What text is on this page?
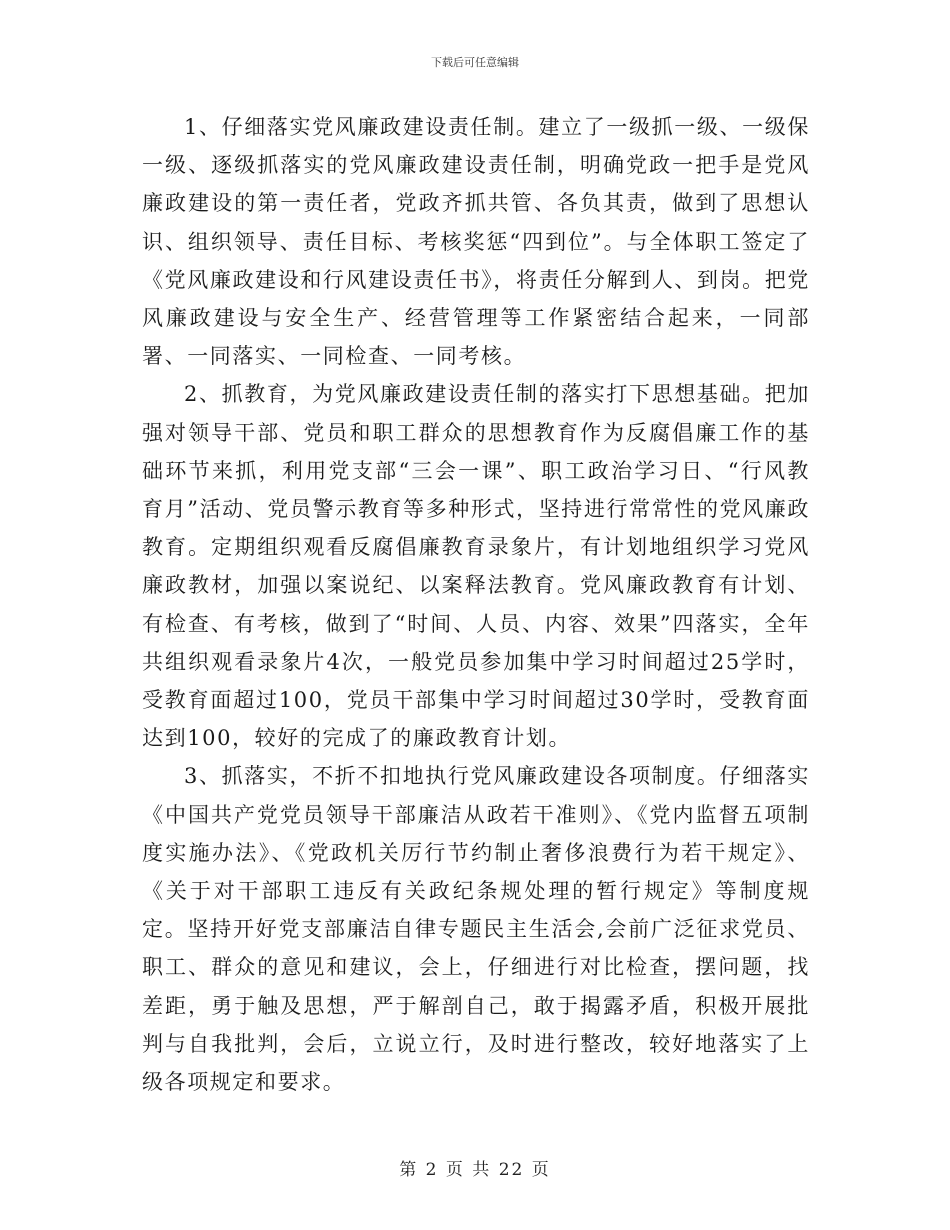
下载后可任意编辑

1、仔细落实党风廉政建设责任制。建立了一级抓一级、一级保一级、逐级抓落实的党风廉政建设责任制，明确党政一把手是党风廉政建设的第一责任者，党政齐抓共管、各负其责，做到了思想认识、组织领导、责任目标、考核奖惩“四到位”。与全体职工签定了《党风廉政建设和行风建设责任书》，将责任分解到人、到岗。把党风廉政建设与安全生产、经营管理等工作紧密结合起来，一同部署、一同落实、一同检查、一同考核。

2、抓教育，为党风廉政建设责任制的落实打下思想基础。把加强对领导干部、党员和职工群众的思想教育作为反腐倡廉工作的基础环节来抓，利用党支部“三会一课”、职工政治学习日、“行风教育月”活动、党员警示教育等多种形式，坚持进行常常性的党风廉政教育。定期组织观看反腐倡廉教育录象片，有计划地组织学习党风廉政教材，加强以案说纪、以案释法教育。党风廉政教育有计划、有检查、有考核，做到了“时间、人员、内容、效果”四落实，全年共组织观看录象片4次，一般党员参加集中学习时间超过25学时，受教育面超过100，党员干部集中学习时间超过30学时，受教育面达到100，较好的完成了的廉政教育计划。

3、抓落实，不折不扣地执行党风廉政建设各项制度。仔细落实《中国共产党党员领导干部廉洁从政若干准则》、《党内监督五项制度实施办法》、《党政机关厉行节约制止奢侈浪费行为若干规定》、《关于对干部职工违反有关政纪条规处理的暂行规定》等制度规定。坚持开好党支部廉洁自律专题民主生活会,会前广泛征求党员、职工、群众的意见和建议，会上，仔细进行对比检查，摆问题，找差距，勇于触及思想，严于解剖自己，敢于揭露矛盾，积极开展批判与自我批判，会后，立说立行，及时进行整改，较好地落实了上级各项规定和要求。

第 2 页 共 22 页
